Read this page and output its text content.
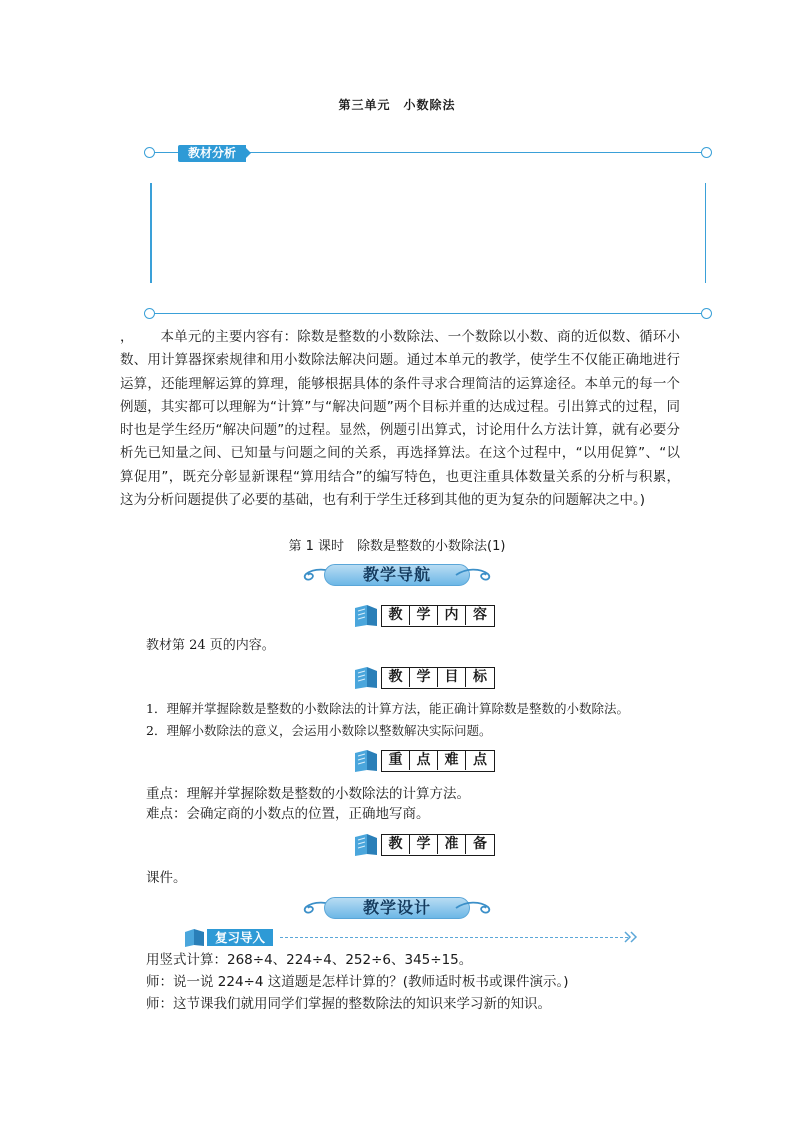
第三单元　小数除法
教材分析
， 本单元的主要内容有：除数是整数的小数除法、一个数除以小数、商的近似数、循环小数、用计算器探索规律和用小数除法解决问题。通过本单元的教学，使学生不仅能正确地进行运算，还能理解运算的算理，能够根据具体的条件寻求合理简洁的运算途径。本单元的每一个例题，其实都可以理解为“计算”与“解决问题”两个目标并重的达成过程。引出算式的过程，同时也是学生经历“解决问题”的过程。显然，例题引出算式，讨论用什么方法计算，就有必要分析先已知量之间、已知量与问题之间的关系，再选择算法。在这个过程中，“以用促算”、“以算促用”，既充分彰显新课程“算用结合”的编写特色，也更注重具体数量关系的分析与积累，这为分析问题提供了必要的基础，也有利于学生迁移到其他的更为复杂的问题解决之中。)
第 1 课时　除数是整数的小数除法(1)
教学导航
教	学	内	容
教材第 24 页的内容。
教	学	目	标
1．理解并掌握除数是整数的小数除法的计算方法，能正确计算除数是整数的小数除法。
2．理解小数除法的意义，会运用小数除以整数解决实际问题。
重	点	难	点
重点：理解并掌握除数是整数的小数除法的计算方法。
难点：会确定商的小数点的位置，正确地写商。
教	学	准	备
课件。
教学设计
复习导入
用竖式计算：268÷4、224÷4、252÷6、345÷15。
师：说一说 224÷4 这道题是怎样计算的？(教师适时板书或课件演示。)
师：这节课我们就用同学们掌握的整数除法的知识来学习新的知识。
